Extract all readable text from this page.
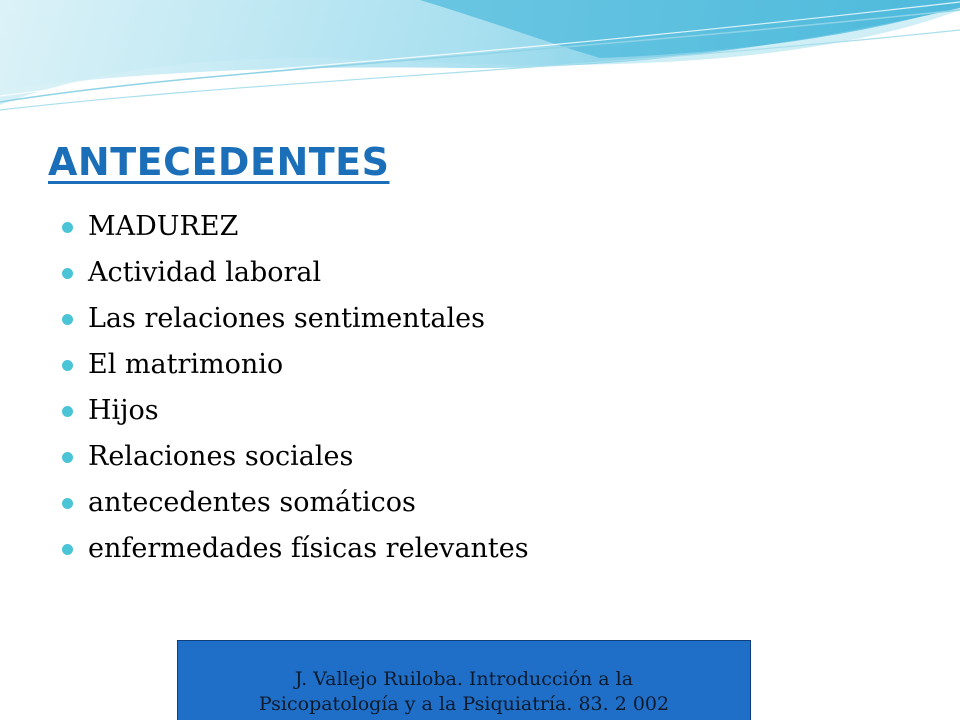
ANTECEDENTES
MADUREZ
Actividad laboral
Las relaciones sentimentales
El matrimonio
Hijos
Relaciones sociales
antecedentes somáticos
enfermedades físicas relevantes
J. Vallejo Ruiloba. Introducción a la
Psicopatología y a la Psiquiatría. 83. 2 002
